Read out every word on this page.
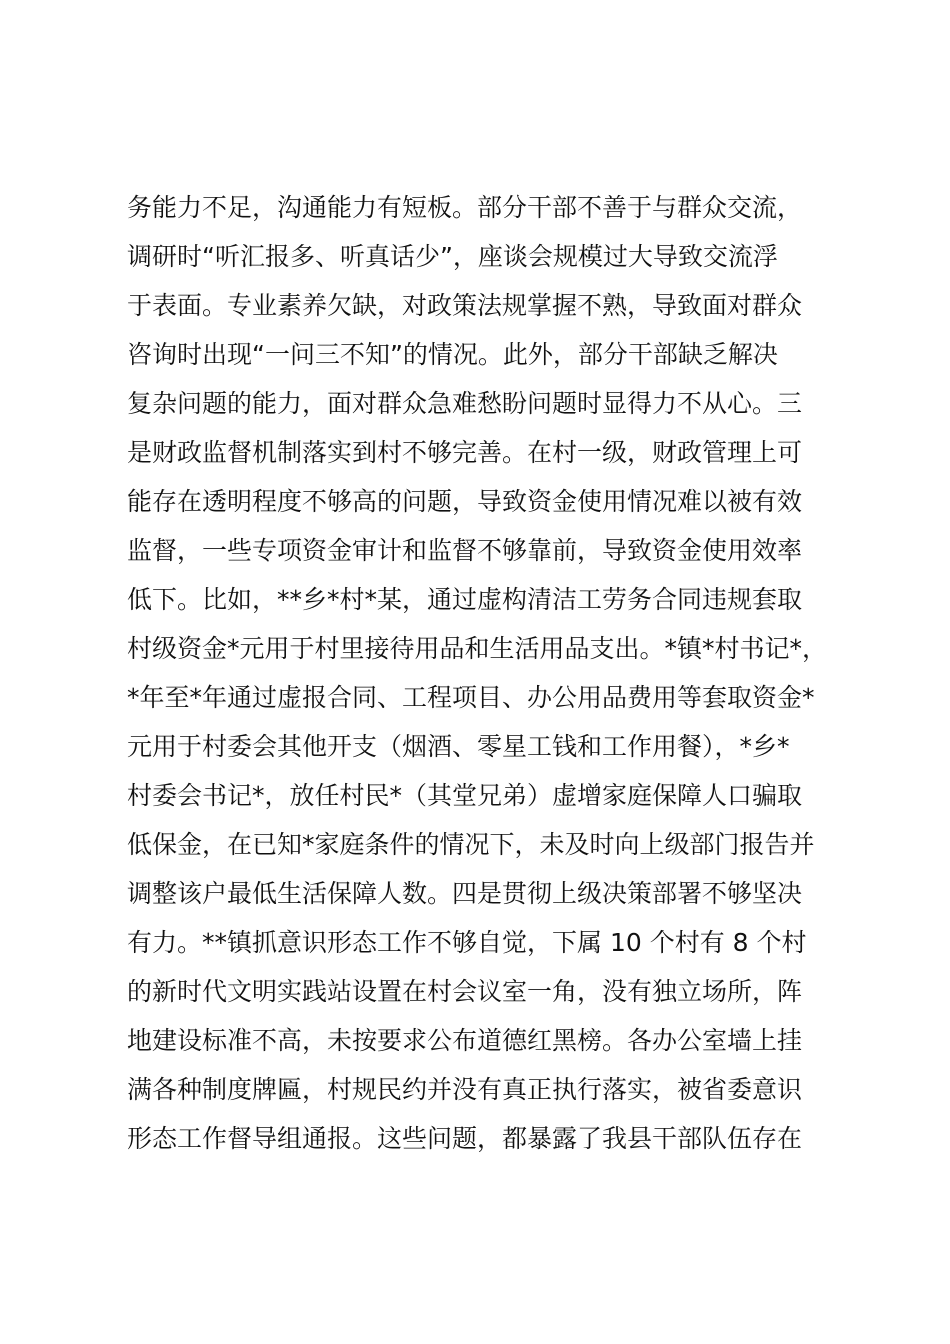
务能力不足，沟通能力有短板。部分干部不善于与群众交流，
调研时“听汇报多、听真话少”，座谈会规模过大导致交流浮
于表面。专业素养欠缺，对政策法规掌握不熟，导致面对群众
咨询时出现“一问三不知”的情况。此外，部分干部缺乏解决
复杂问题的能力，面对群众急难愁盼问题时显得力不从心。三
是财政监督机制落实到村不够完善。在村一级，财政管理上可
能存在透明程度不够高的问题，导致资金使用情况难以被有效
监督，一些专项资金审计和监督不够靠前，导致资金使用效率
低下。比如，**乡*村*某，通过虚构清洁工劳务合同违规套取
村级资金*元用于村里接待用品和生活用品支出。*镇*村书记*，
*年至*年通过虚报合同、工程项目、办公用品费用等套取资金*
元用于村委会其他开支（烟酒、零星工钱和工作用餐），*乡*
村委会书记*，放任村民*（其堂兄弟）虚增家庭保障人口骗取
低保金，在已知*家庭条件的情况下，未及时向上级部门报告并
调整该户最低生活保障人数。四是贯彻上级决策部署不够坚决
有力。**镇抓意识形态工作不够自觉，下属 10 个村有 8 个村
的新时代文明实践站设置在村会议室一角，没有独立场所，阵
地建设标准不高，未按要求公布道德红黑榜。各办公室墙上挂
满各种制度牌匾，村规民约并没有真正执行落实，被省委意识
形态工作督导组通报。这些问题，都暴露了我县干部队伍存在
